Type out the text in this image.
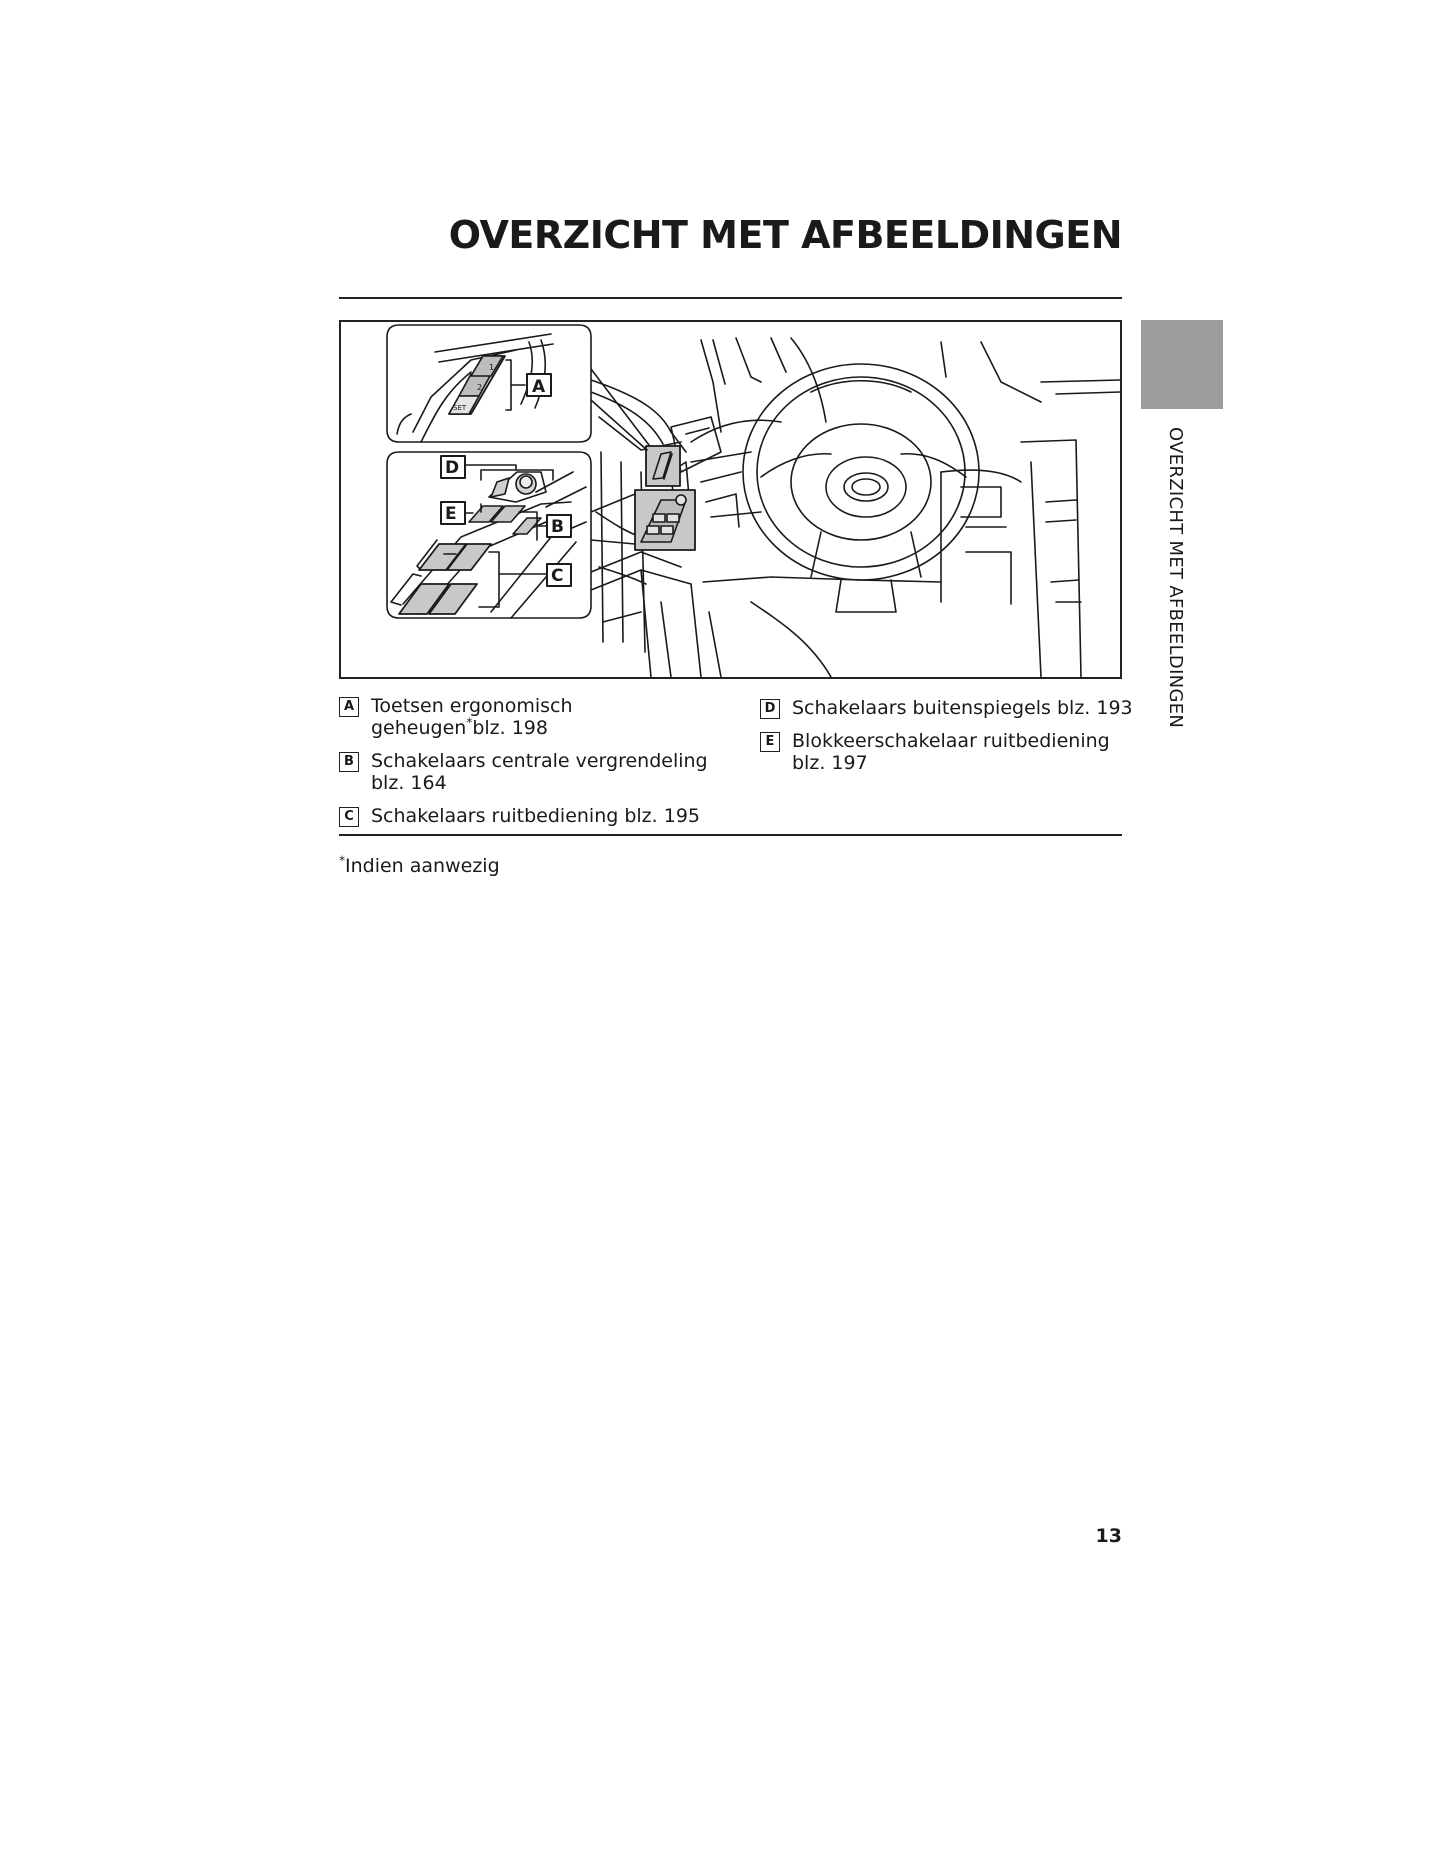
OVERZICHT MET AFBEELDINGEN
1
2
SET
A
D
E
B
C	OVERZICHT MET AFBEELDINGEN
A Toetsen ergonomisch
geheugen*blz. 198
B Schakelaars centrale vergrendeling
blz. 164
C Schakelaars ruitbediening blz. 195
D Schakelaars buitenspiegels blz. 193
E Blokkeerschakelaar ruitbediening
blz. 197
*Indien aanwezig
13
